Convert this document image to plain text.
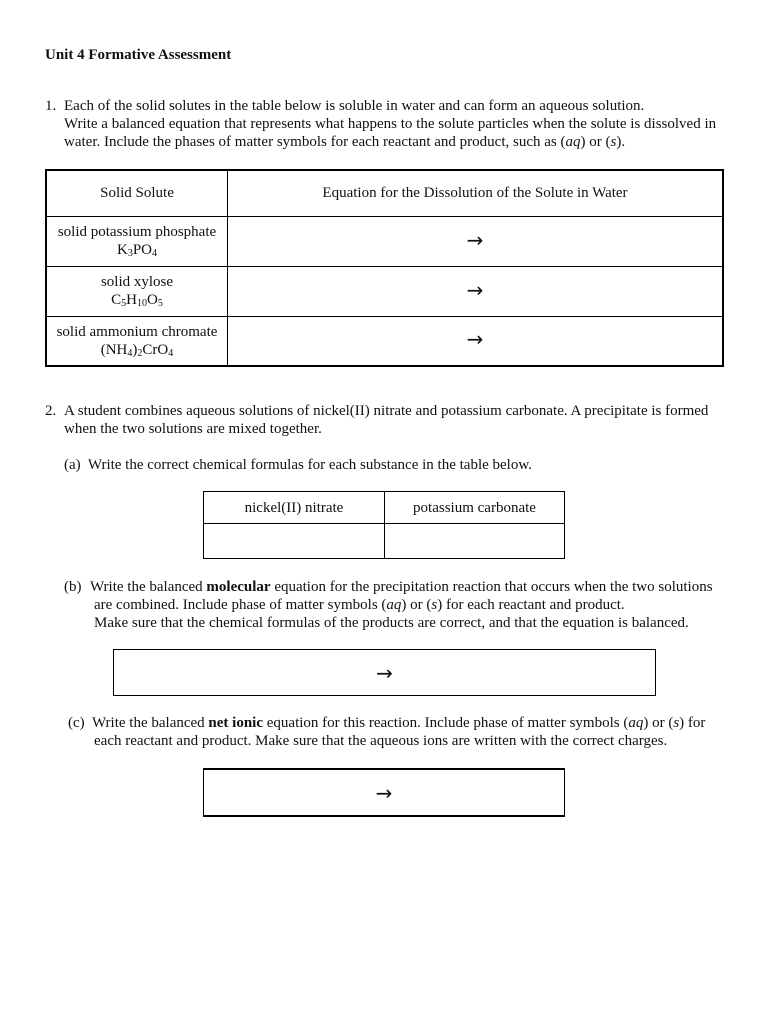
Unit 4 Formative Assessment
1. Each of the solid solutes in the table below is soluble in water and can form an aqueous solution.
Write a balanced equation that represents what happens to the solute particles when the solute is dissolved in
water. Include the phases of matter symbols for each reactant and product, such as (aq) or (s).
Solid Solute	Equation for the Dissolution of the Solute in Water

solid potassium phosphate
$K_3PO_4$	→

solid xylose
$C_5H_{10}O_5$	→

solid ammonium chromate
$(NH_4)_2CrO_4$	→
2. A student combines aqueous solutions of nickel(II) nitrate and potassium carbonate. A precipitate is formed
when the two solutions are mixed together.
(a) Write the correct chemical formulas for each substance in the table below.
nickel(II) nitrate	potassium carbonate

(b) Write the balanced molecular equation for the precipitation reaction that occurs when the two solutions
are combined. Include phase of matter symbols (aq) or (s) for each reactant and product.
Make sure that the chemical formulas of the products are correct, and that the equation is balanced.
→
(c) Write the balanced net ionic equation for this reaction. Include phase of matter symbols (aq) or (s) for
each reactant and product. Make sure that the aqueous ions are written with the correct charges.
→
